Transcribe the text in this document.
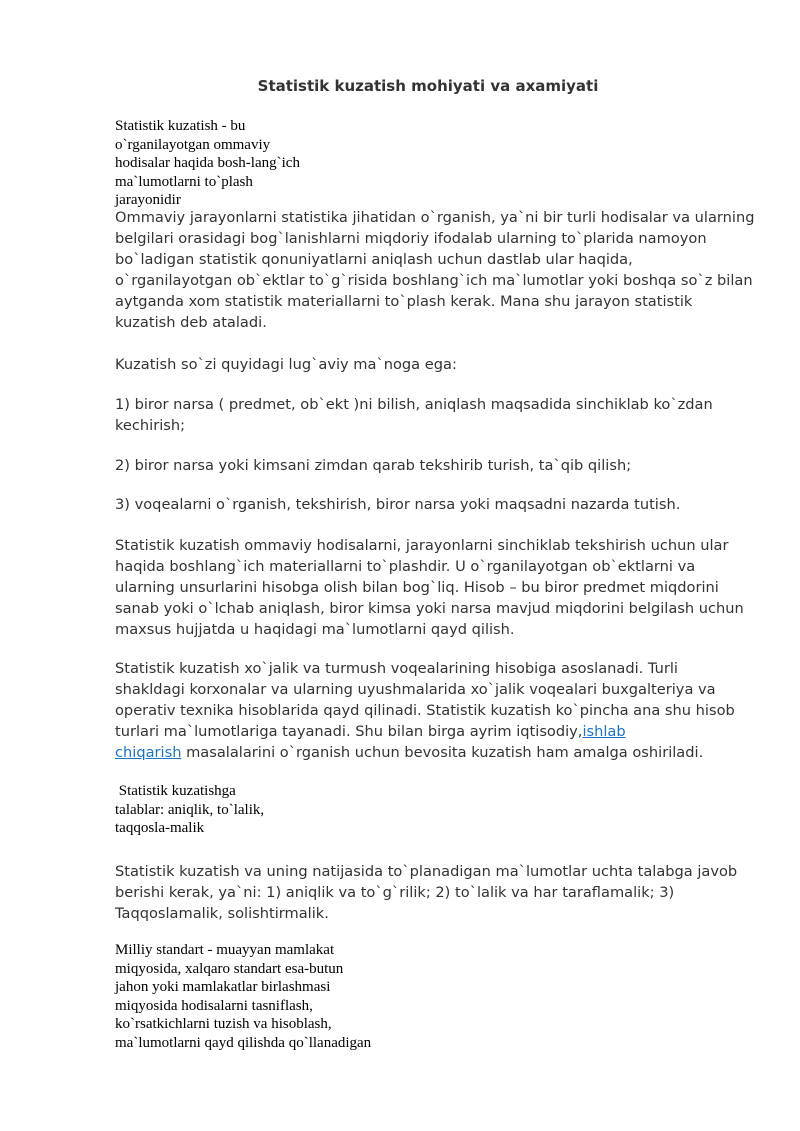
Statistik kuzatish mohiyati va axamiyati
Statistik kuzatish - bu
o`rganilayotgan ommaviy
hodisalar haqida bosh-lang`ich
ma`lumotlarni to`plash
jarayonidir
Ommaviy jarayonlarni statistika jihatidan o`rganish, ya`ni bir turli hodisalar va ularning
belgilari orasidagi bog`lanishlarni miqdoriy ifodalab ularning to`plarida namoyon
bo`ladigan statistik qonuniyatlarni aniqlash uchun dastlab ular haqida,
o`rganilayotgan ob`ektlar to`g`risida boshlang`ich ma`lumotlar yoki boshqa so`z bilan
aytganda xom statistik materiallarni to`plash kerak. Mana shu jarayon statistik
kuzatish deb ataladi.
Kuzatish so`zi quyidagi lug`aviy ma`noga ega:
1) biror narsa ( predmet, ob`ekt )ni bilish, aniqlash maqsadida sinchiklab ko`zdan
kechirish;
2) biror narsa yoki kimsani zimdan qarab tekshirib turish, ta`qib qilish;
3) voqealarni o`rganish, tekshirish, biror narsa yoki maqsadni nazarda tutish.
Statistik kuzatish ommaviy hodisalarni, jarayonlarni sinchiklab tekshirish uchun ular
haqida boshlang`ich materiallarni to`plashdir. U o`rganilayotgan ob`ektlarni va
ularning unsurlarini hisobga olish bilan bog`liq. Hisob – bu biror predmet miqdorini
sanab yoki o`lchab aniqlash, biror kimsa yoki narsa mavjud miqdorini belgilash uchun
maxsus hujjatda u haqidagi ma`lumotlarni qayd qilish.
Statistik kuzatish xo`jalik va turmush voqealarining hisobiga asoslanadi. Turli
shakldagi korxonalar va ularning uyushmalarida xo`jalik voqealari buxgalteriya va
operativ texnika hisoblarida qayd qilinadi. Statistik kuzatish ko`pincha ana shu hisob
turlari ma`lumotlariga tayanadi. Shu bilan birga ayrim iqtisodiy,ishlab
chiqarish masalalarini o`rganish uchun bevosita kuzatish ham amalga oshiriladi.
Statistik kuzatishga
talablar: aniqlik, to`lalik,
taqqosla-malik
Statistik kuzatish va uning natijasida to`planadigan ma`lumotlar uchta talabga javob
berishi kerak, ya`ni: 1) aniqlik va to`g`rilik; 2) to`lalik va har taraflamalik; 3)
Taqqoslamalik, solishtirmalik.
Milliy standart - muayyan mamlakat
miqyosida, xalqaro standart esa-butun
jahon yoki mamlakatlar birlashmasi
miqyosida hodisalarni tasniflash,
ko`rsatkichlarni tuzish va hisoblash,
ma`lumotlarni qayd qilishda qo`llanadigan
